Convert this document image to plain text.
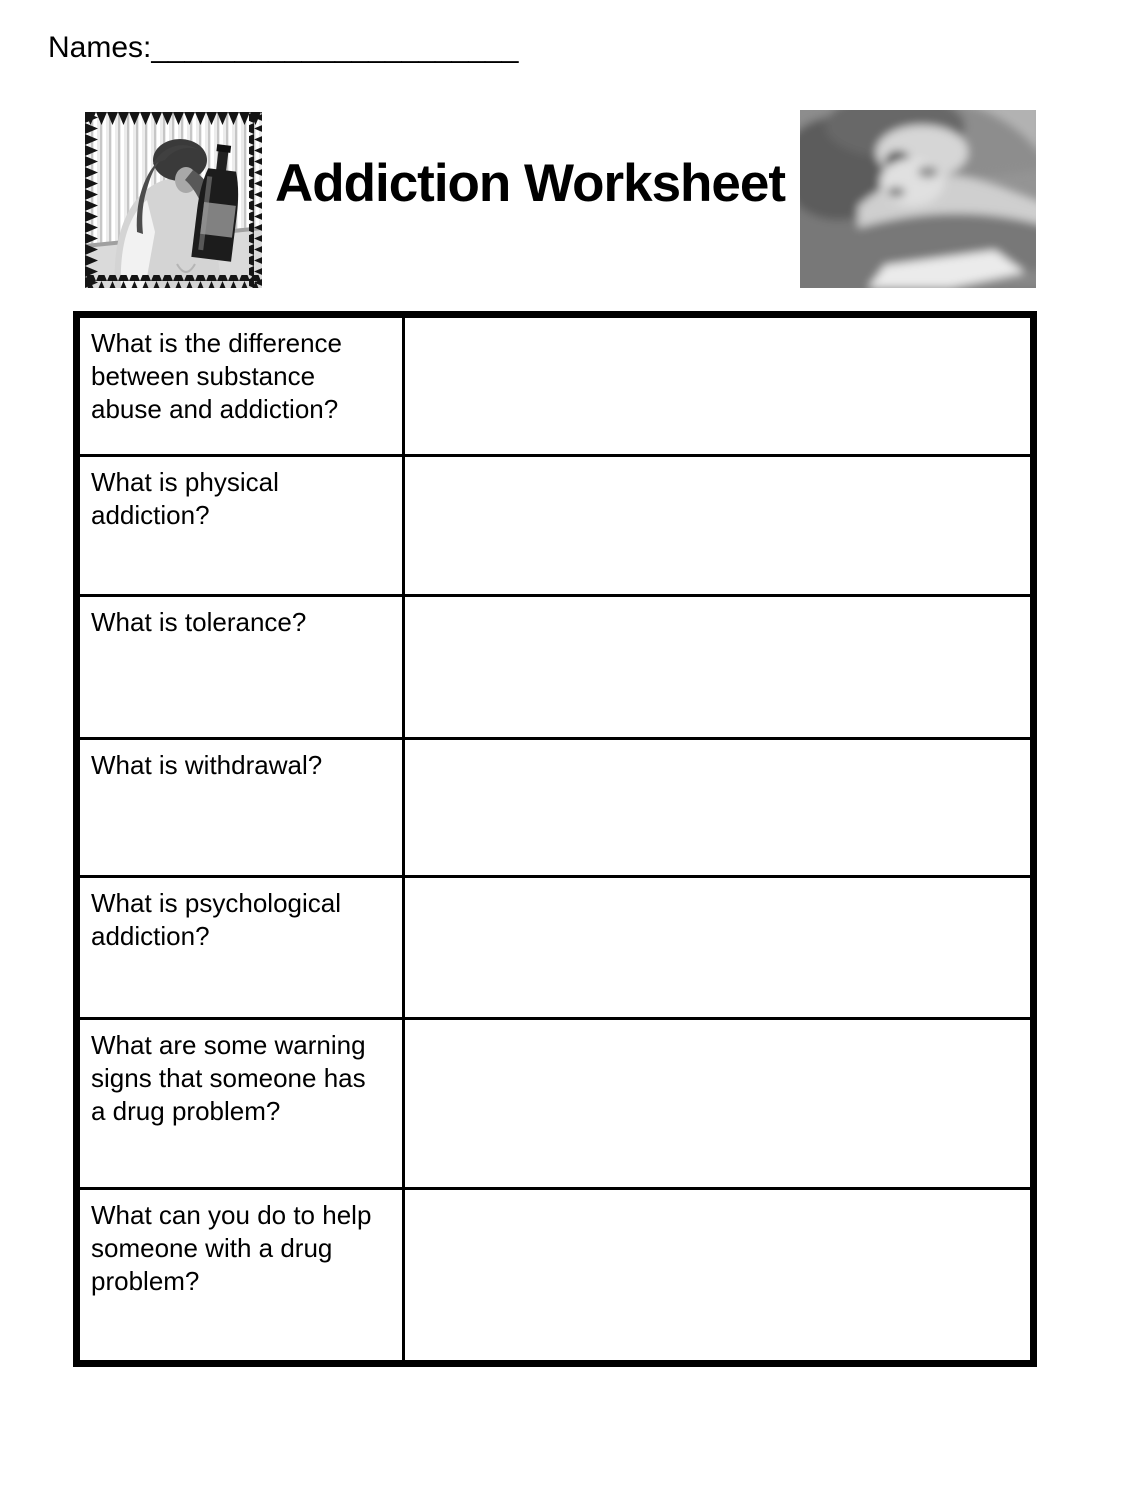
Names:______________________
Addiction Worksheet
What is the difference between substance abuse and addiction?	
What is physical addiction?	
What is tolerance?	
What is withdrawal?	
What is psychological addiction?	
What are some warning signs that someone has a drug problem?	
What can you do to help someone with a drug problem?	
